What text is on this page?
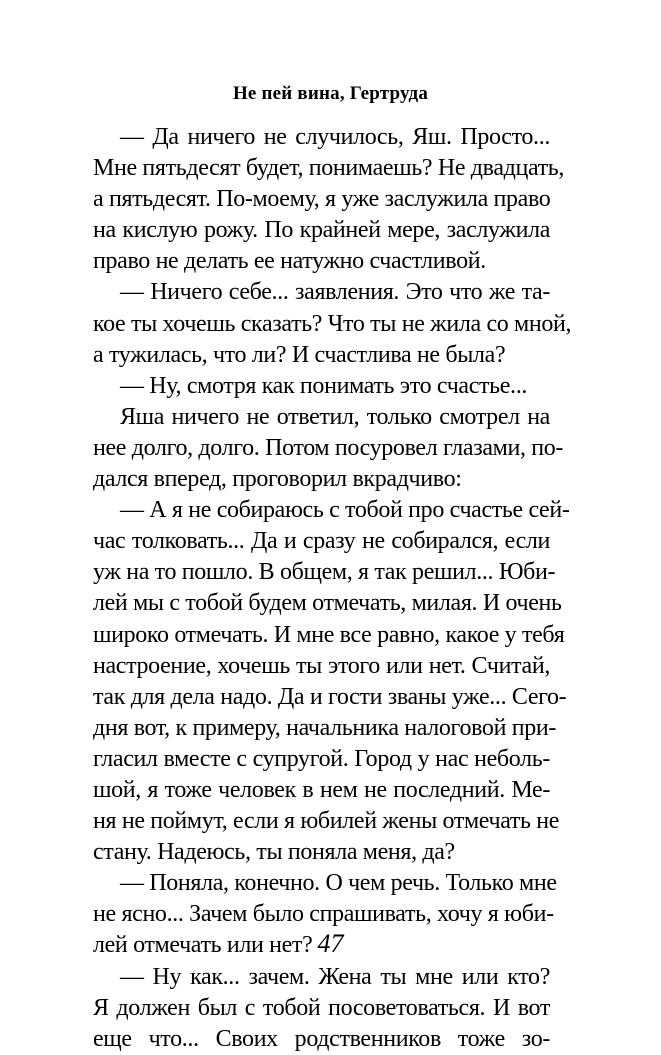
Не пей вина, Гертруда
— Да ничего не случилось, Яш. Просто...
Мне пятьдесят будет, понимаешь? Не двадцать,
а пятьдесят. По-моему, я уже заслужила право
на кислую рожу. По крайней мере, заслужила
право не делать ее натужно счастливой.
— Ничего себе... заявления. Это что же та-
кое ты хочешь сказать? Что ты не жила со мной,
а тужилась, что ли? И счастлива не была?
— Ну, смотря как понимать это счастье...
Яша ничего не ответил, только смотрел на
нее долго, долго. Потом посуровел глазами, по-
дался вперед, проговорил вкрадчиво:
— А я не собираюсь с тобой про счастье сей-
час толковать... Да и сразу не собирался, если
уж на то пошло. В общем, я так решил... Юби-
лей мы с тобой будем отмечать, милая. И очень
широко отмечать. И мне все равно, какое у тебя
настроение, хочешь ты этого или нет. Считай,
так для дела надо. Да и гости званы уже... Сего-
дня вот, к примеру, начальника налоговой при-
гласил вместе с супругой. Город у нас неболь-
шой, я тоже человек в нем не последний. Ме-
ня не поймут, если я юбилей жены отмечать не
стану. Надеюсь, ты поняла меня, да?
— Поняла, конечно. О чем речь. Только мне
не ясно... Зачем было спрашивать, хочу я юби-
лей отмечать или нет?
— Ну как... зачем. Жена ты мне или кто?
Я должен был с тобой посоветоваться. И вот
еще что... Своих родственников тоже зо-
47
